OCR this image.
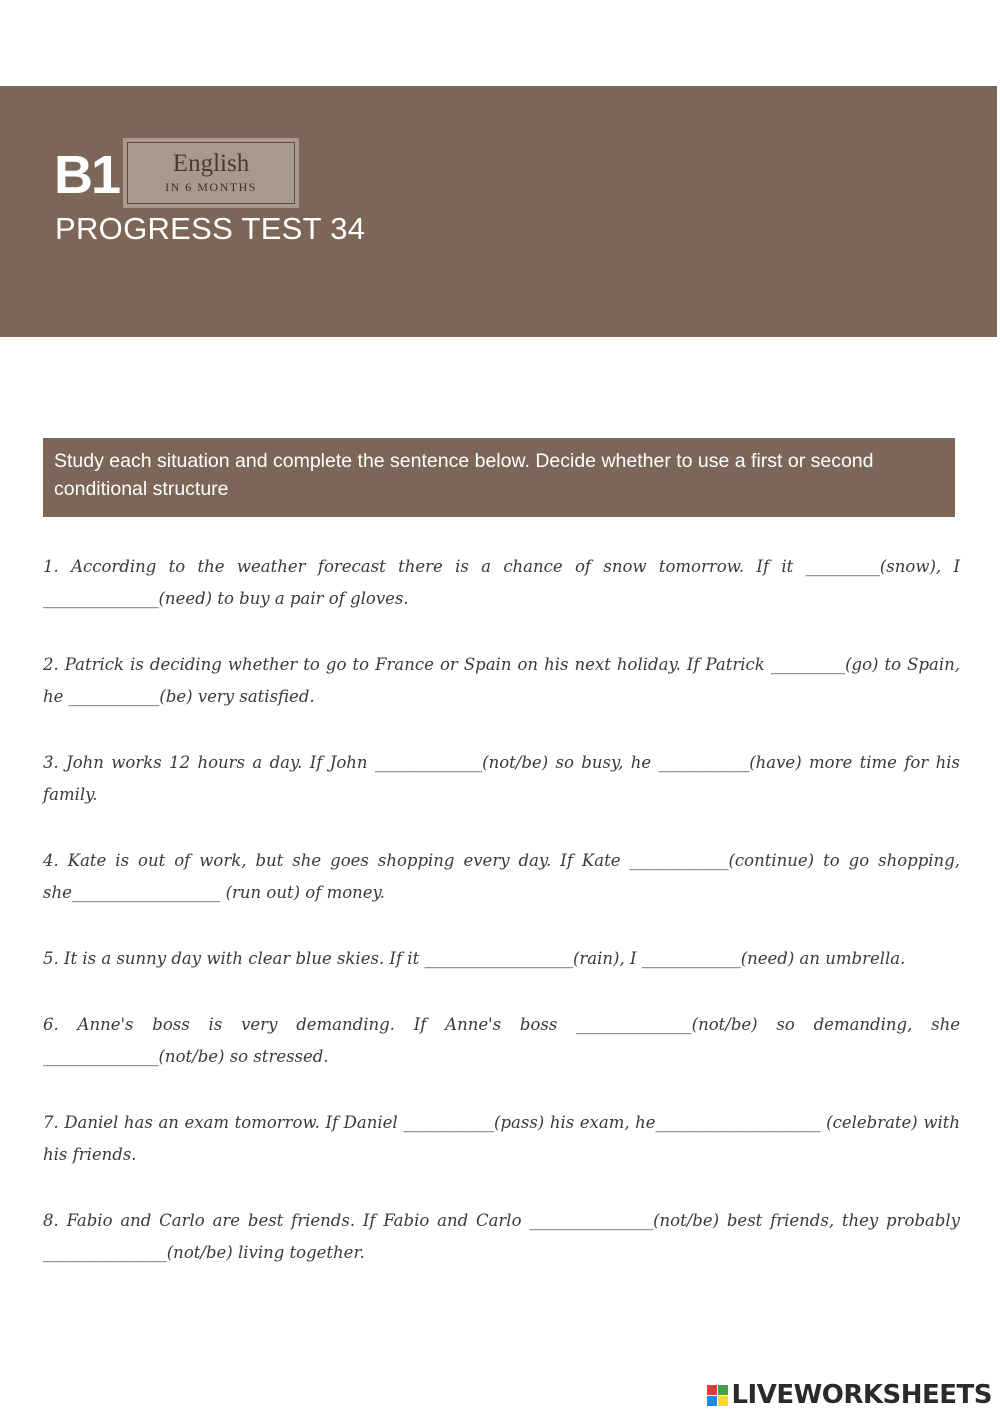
B1	English
IN 6 MONTHS
PROGRESS TEST 34
Study each situation and complete the sentence below. Decide whether to use a first or second conditional structure

1. According to the weather forecast there is a chance of snow tomorrow. If it _________(snow), I ______________(need) to buy a pair of gloves.

2. Patrick is deciding whether to go to France or Spain on his next holiday. If Patrick _________(go) to Spain, he ___________(be) very satisfied.

3. John works 12 hours a day. If John _____________(not/be) so busy, he ___________(have) more time for his family.

4. Kate is out of work, but she goes shopping every day. If Kate ____________(continue) to go shopping, she__________________ (run out) of money.

5. It is a sunny day with clear blue skies. If it __________________(rain), I ____________(need) an umbrella.

6. Anne's boss is very demanding. If Anne's boss ______________(not/be) so demanding, she ______________(not/be) so stressed.

7. Daniel has an exam tomorrow. If Daniel ___________(pass) his exam, he____________________ (celebrate) with his friends.

8. Fabio and Carlo are best friends. If Fabio and Carlo _______________(not/be) best friends, they probably _______________(not/be) living together.

LIVEWORKSHEETS
